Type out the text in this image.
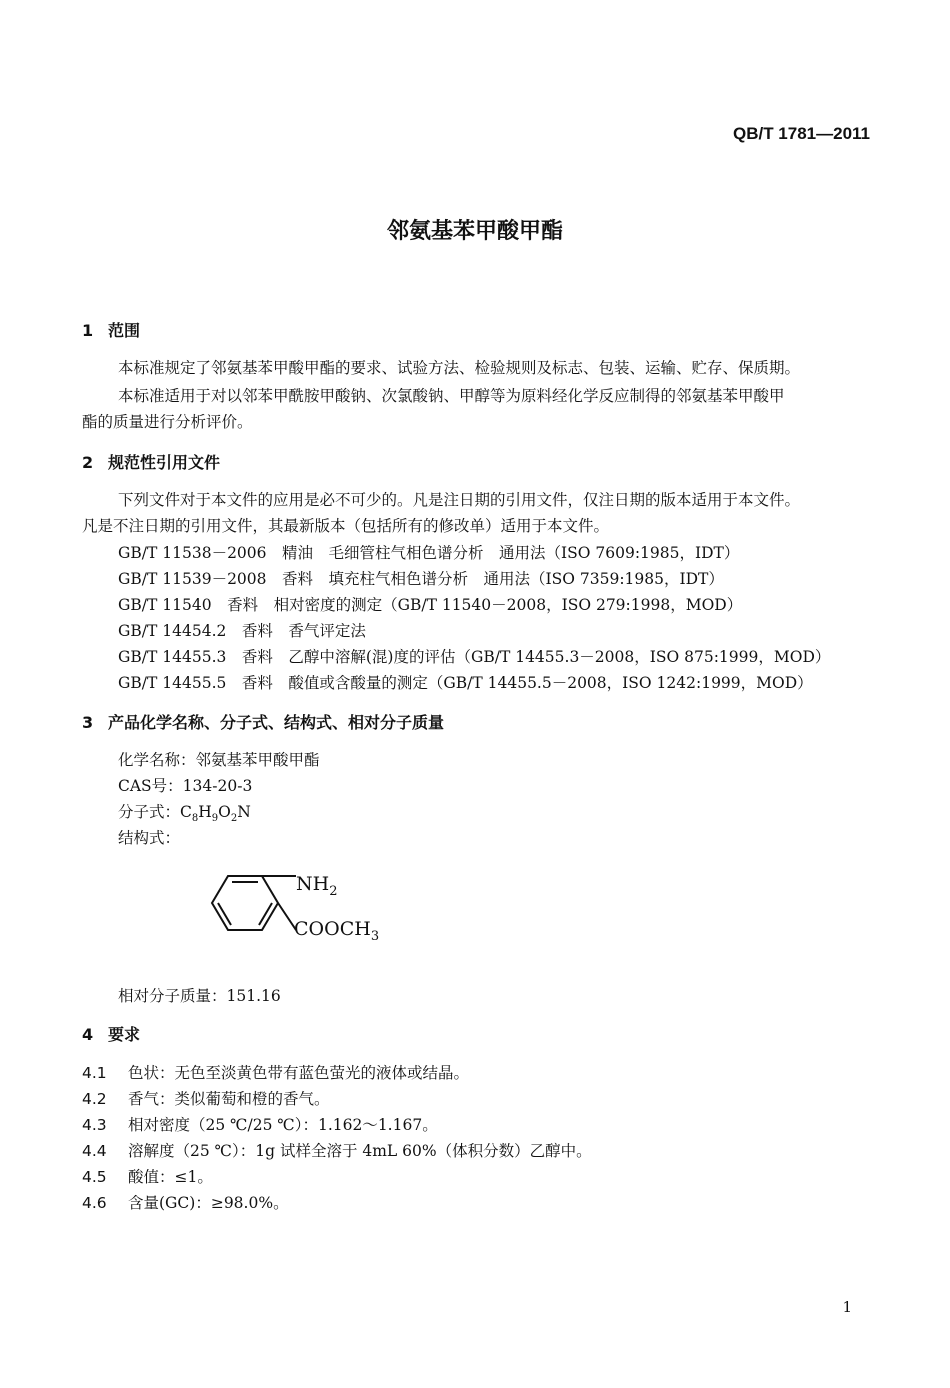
QB/T 1781—2011
邻氨基苯甲酸甲酯
1 范围
本标准规定了邻氨基苯甲酸甲酯的要求、试验方法、检验规则及标志、包装、运输、贮存、保质期。
本标准适用于对以邻苯甲酰胺甲酸钠、次氯酸钠、甲醇等为原料经化学反应制得的邻氨基苯甲酸甲
酯的质量进行分析评价。
2 规范性引用文件
下列文件对于本文件的应用是必不可少的。凡是注日期的引用文件，仅注日期的版本适用于本文件。
凡是不注日期的引用文件，其最新版本（包括所有的修改单）适用于本文件。
GB/T 11538－2006　精油　毛细管柱气相色谱分析　通用法（ISO 7609:1985，IDT）
GB/T 11539－2008　香料　填充柱气相色谱分析　通用法（ISO 7359:1985，IDT）
GB/T 11540　香料　相对密度的测定（GB/T 11540－2008，ISO 279:1998，MOD）
GB/T 14454.2　香料　香气评定法
GB/T 14455.3　香料　乙醇中溶解(混)度的评估（GB/T 14455.3－2008，ISO 875:1999，MOD）
GB/T 14455.5　香料　酸值或含酸量的测定（GB/T 14455.5－2008，ISO 1242:1999，MOD）
3 产品化学名称、分子式、结构式、相对分子质量
化学名称：邻氨基苯甲酸甲酯
CAS号：134-20-3
分子式：$C_8H_9O_2N$
结构式：
$NH_2$
$COOCH_3$
相对分子质量：151.16
4 要求
4.1 色状：无色至淡黄色带有蓝色萤光的液体或结晶。
4.2 香气：类似葡萄和橙的香气。
4.3 相对密度（25 ℃/25 ℃）：1.162～1.167。
4.4 溶解度（25 ℃）：1g 试样全溶于 4mL 60%（体积分数）乙醇中。
4.5 酸值：≤1。
4.6 含量(GC)：≥98.0%。
1
